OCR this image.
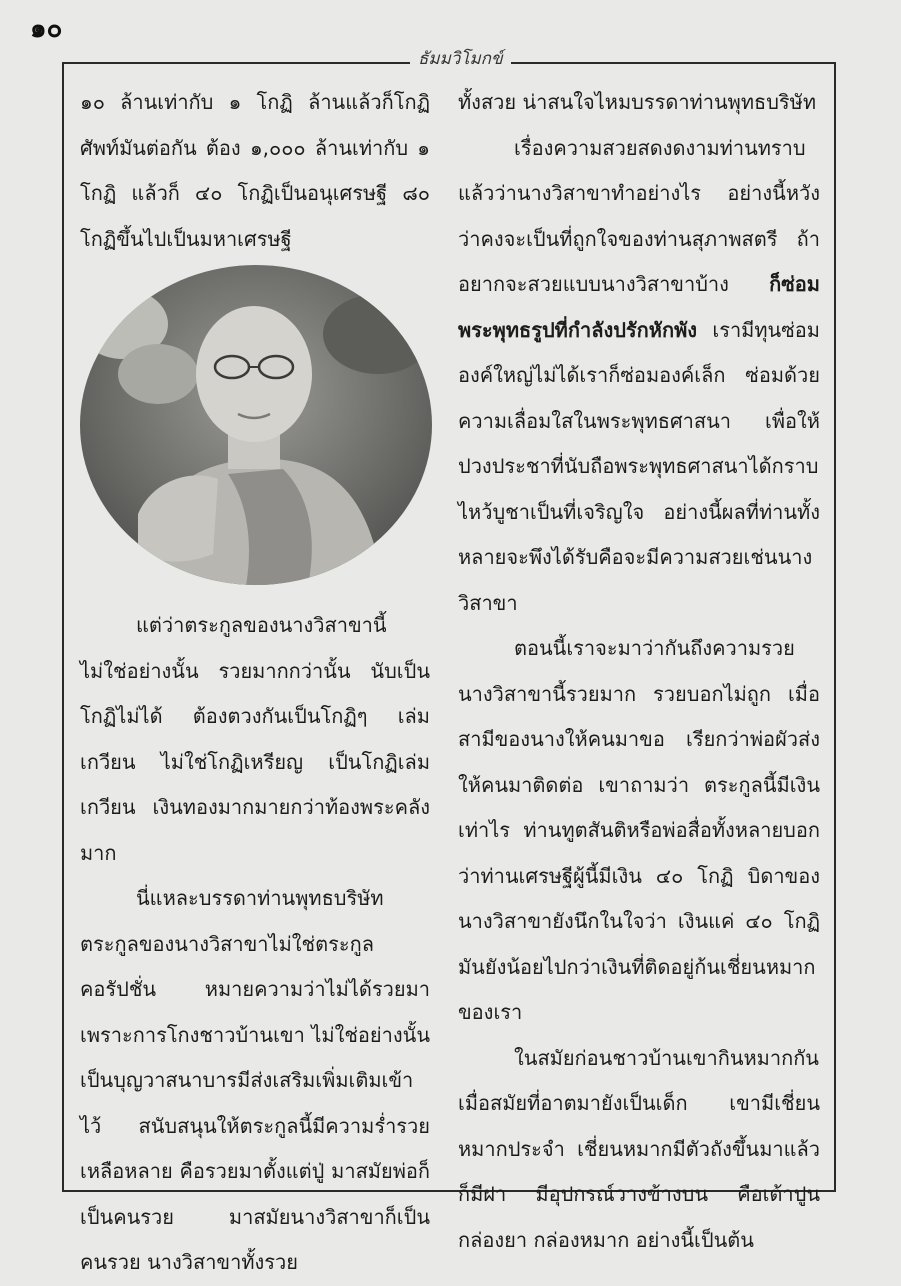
๑๐
ธัมมวิโมกข์

๑๐ ล้านเท่ากับ ๑ โกฏิ ล้านแล้วก็โกฏิ ศัพท์มันต่อกัน ต้อง ๑,๐๐๐ ล้านเท่ากับ ๑ โกฏิ แล้วก็ ๔๐ โกฏิเป็นอนุเศรษฐี ๘๐ โกฏิขึ้นไปเป็นมหาเศรษฐี

แต่ว่าตระกูลของนางวิสาขานี้ไม่ใช่อย่างนั้น รวยมากกว่านั้น นับเป็นโกฏิไม่ได้ ต้องตวงกันเป็นโกฏิๆ เล่มเกวียน ไม่ใช่โกฏิเหรียญ เป็นโกฏิเล่มเกวียน เงินทองมากมายกว่าท้องพระคลังมาก

นี่แหละบรรดาท่านพุทธบริษัท ตระกูลของนางวิสาขาไม่ใช่ตระกูลคอรัปชั่น หมายความว่าไม่ได้รวยมาเพราะการโกงชาวบ้านเขา ไม่ใช่อย่างนั้น เป็นบุญวาสนาบารมีส่งเสริมเพิ่มเติมเข้าไว้ สนับสนุนให้ตระกูลนี้มีความร่ำรวยเหลือหลาย คือรวยมาตั้งแต่ปู่ มาสมัยพ่อก็เป็นคนรวย มาสมัยนางวิสาขาก็เป็นคนรวย นางวิสาขาทั้งรวย

ทั้งสวย น่าสนใจไหมบรรดาท่านพุทธบริษัท

เรื่องความสวยสดงดงามท่านทราบแล้วว่านางวิสาขาทำอย่างไร อย่างนี้หวังว่าคงจะเป็นที่ถูกใจของท่านสุภาพสตรี ถ้าอยากจะสวยแบบนางวิสาขาบ้าง ก็ซ่อมพระพุทธรูปที่กำลังปรักหักพัง เรามีทุนซ่อมองค์ใหญ่ไม่ได้เราก็ซ่อมองค์เล็ก ซ่อมด้วยความเลื่อมใสในพระพุทธศาสนา เพื่อให้ปวงประชาที่นับถือพระพุทธศาสนาได้กราบไหว้บูชาเป็นที่เจริญใจ อย่างนี้ผลที่ท่านทั้งหลายจะพึงได้รับคือจะมีความสวยเช่นนางวิสาขา

ตอนนี้เราจะมาว่ากันถึงความรวยนางวิสาขานี้รวยมาก รวยบอกไม่ถูก เมื่อสามีของนางให้คนมาขอ เรียกว่าพ่อผัวส่งให้คนมาติดต่อ เขาถามว่า ตระกูลนี้มีเงินเท่าไร ท่านทูตสันติหรือพ่อสื่อทั้งหลายบอกว่าท่านเศรษฐีผู้นี้มีเงิน ๔๐ โกฏิ บิดาของนางวิสาขายังนึกในใจว่า เงินแค่ ๔๐ โกฏิมันยังน้อยไปกว่าเงินที่ติดอยู่ก้นเชี่ยนหมากของเรา

ในสมัยก่อนชาวบ้านเขากินหมากกัน เมื่อสมัยที่อาตมายังเป็นเด็ก เขามีเชี่ยนหมากประจำ เชี่ยนหมากมีตัวถังขึ้นมาแล้วก็มีฝา มีอุปกรณ์วางข้างบน คือเต้าปูน กล่องยา กล่องหมาก อย่างนี้เป็นต้น
